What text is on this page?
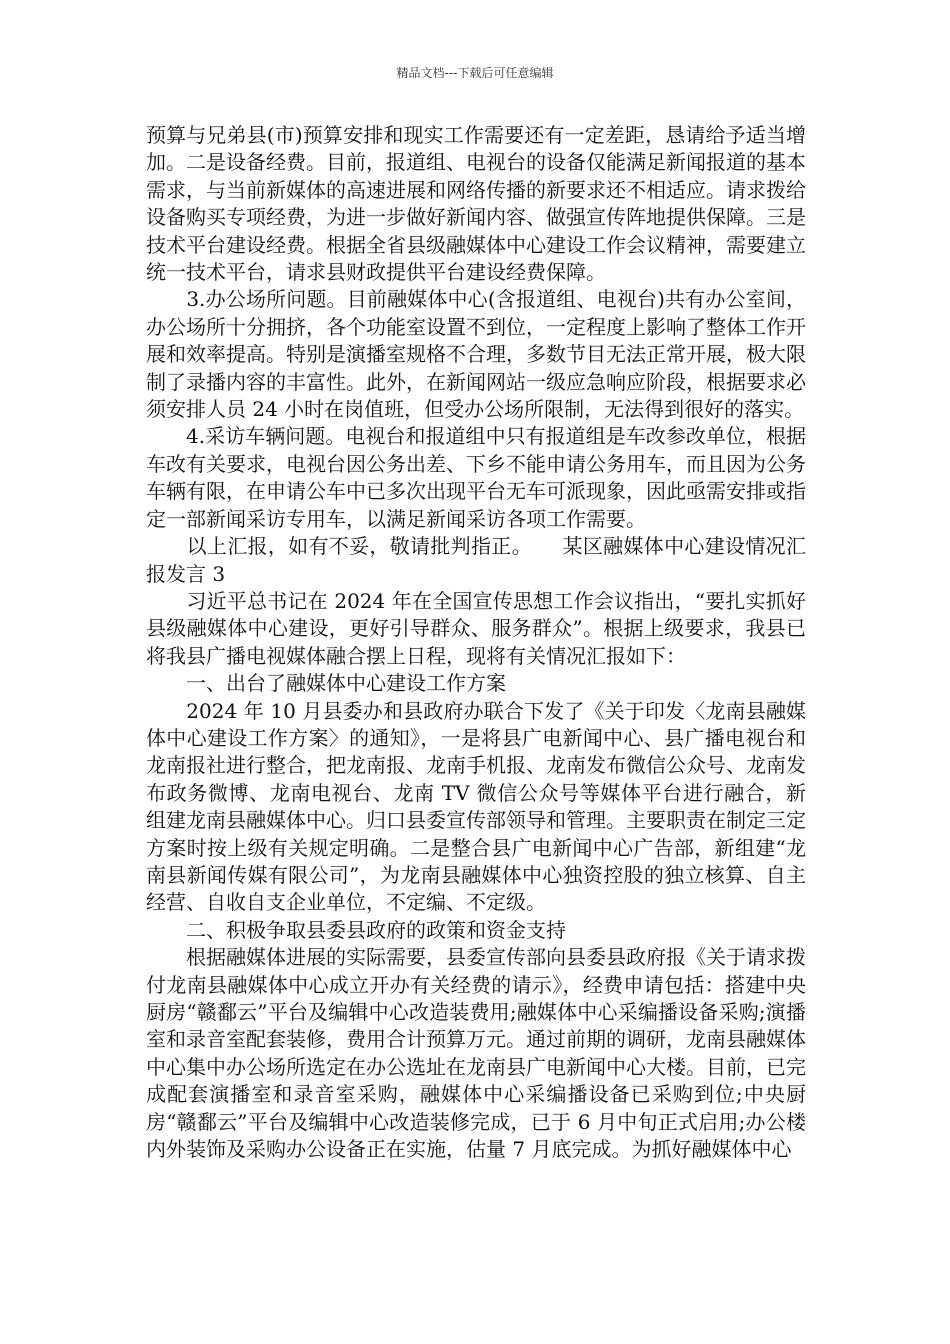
精品文档---下载后可任意编辑

预算与兄弟县(市)预算安排和现实工作需要还有一定差距，恳请给予适当增加。二是设备经费。目前，报道组、电视台的设备仅能满足新闻报道的基本需求，与当前新媒体的高速进展和网络传播的新要求还不相适应。请求拨给设备购买专项经费，为进一步做好新闻内容、做强宣传阵地提供保障。三是技术平台建设经费。根据全省县级融媒体中心建设工作会议精神，需要建立统一技术平台，请求县财政提供平台建设经费保障。

　　3.办公场所问题。目前融媒体中心(含报道组、电视台)共有办公室间，办公场所十分拥挤，各个功能室设置不到位，一定程度上影响了整体工作开展和效率提高。特别是演播室规格不合理，多数节目无法正常开展，极大限制了录播内容的丰富性。此外，在新闻网站一级应急响应阶段，根据要求必须安排人员 24 小时在岗值班，但受办公场所限制，无法得到很好的落实。

　　4.采访车辆问题。电视台和报道组中只有报道组是车改参改单位，根据车改有关要求，电视台因公务出差、下乡不能申请公务用车，而且因为公务车辆有限，在申请公车中已多次出现平台无车可派现象，因此亟需安排或指定一部新闻采访专用车，以满足新闻采访各项工作需要。

　　以上汇报，如有不妥，敬请批判指正。　　某区融媒体中心建设情况汇报发言 3

　　习近平总书记在 2024 年在全国宣传思想工作会议指出，“要扎实抓好县级融媒体中心建设，更好引导群众、服务群众”。根据上级要求，我县已将我县广播电视媒体融合摆上日程，现将有关情况汇报如下：

　　一、出台了融媒体中心建设工作方案

　　2024 年 10 月县委办和县政府办联合下发了《关于印发〈龙南县融媒体中心建设工作方案〉的通知》，一是将县广电新闻中心、县广播电视台和龙南报社进行整合，把龙南报、龙南手机报、龙南发布微信公众号、龙南发布政务微博、龙南电视台、龙南 TV 微信公众号等媒体平台进行融合，新组建龙南县融媒体中心。归口县委宣传部领导和管理。主要职责在制定三定方案时按上级有关规定明确。二是整合县广电新闻中心广告部，新组建“龙南县新闻传媒有限公司”，为龙南县融媒体中心独资控股的独立核算、自主经营、自收自支企业单位，不定编、不定级。

　　二、积极争取县委县政府的政策和资金支持

　　根据融媒体进展的实际需要，县委宣传部向县委县政府报《关于请求拨付龙南县融媒体中心成立开办有关经费的请示》，经费申请包括：搭建中央厨房“赣鄱云”平台及编辑中心改造装费用;融媒体中心采编播设备采购;演播室和录音室配套装修，费用合计预算万元。通过前期的调研，龙南县融媒体中心集中办公场所选定在办公选址在龙南县广电新闻中心大楼。目前，已完成配套演播室和录音室采购，融媒体中心采编播设备已采购到位;中央厨房“赣鄱云”平台及编辑中心改造装修完成，已于 6 月中旬正式启用;办公楼内外装饰及采购办公设备正在实施，估量 7 月底完成。为抓好融媒体中心
